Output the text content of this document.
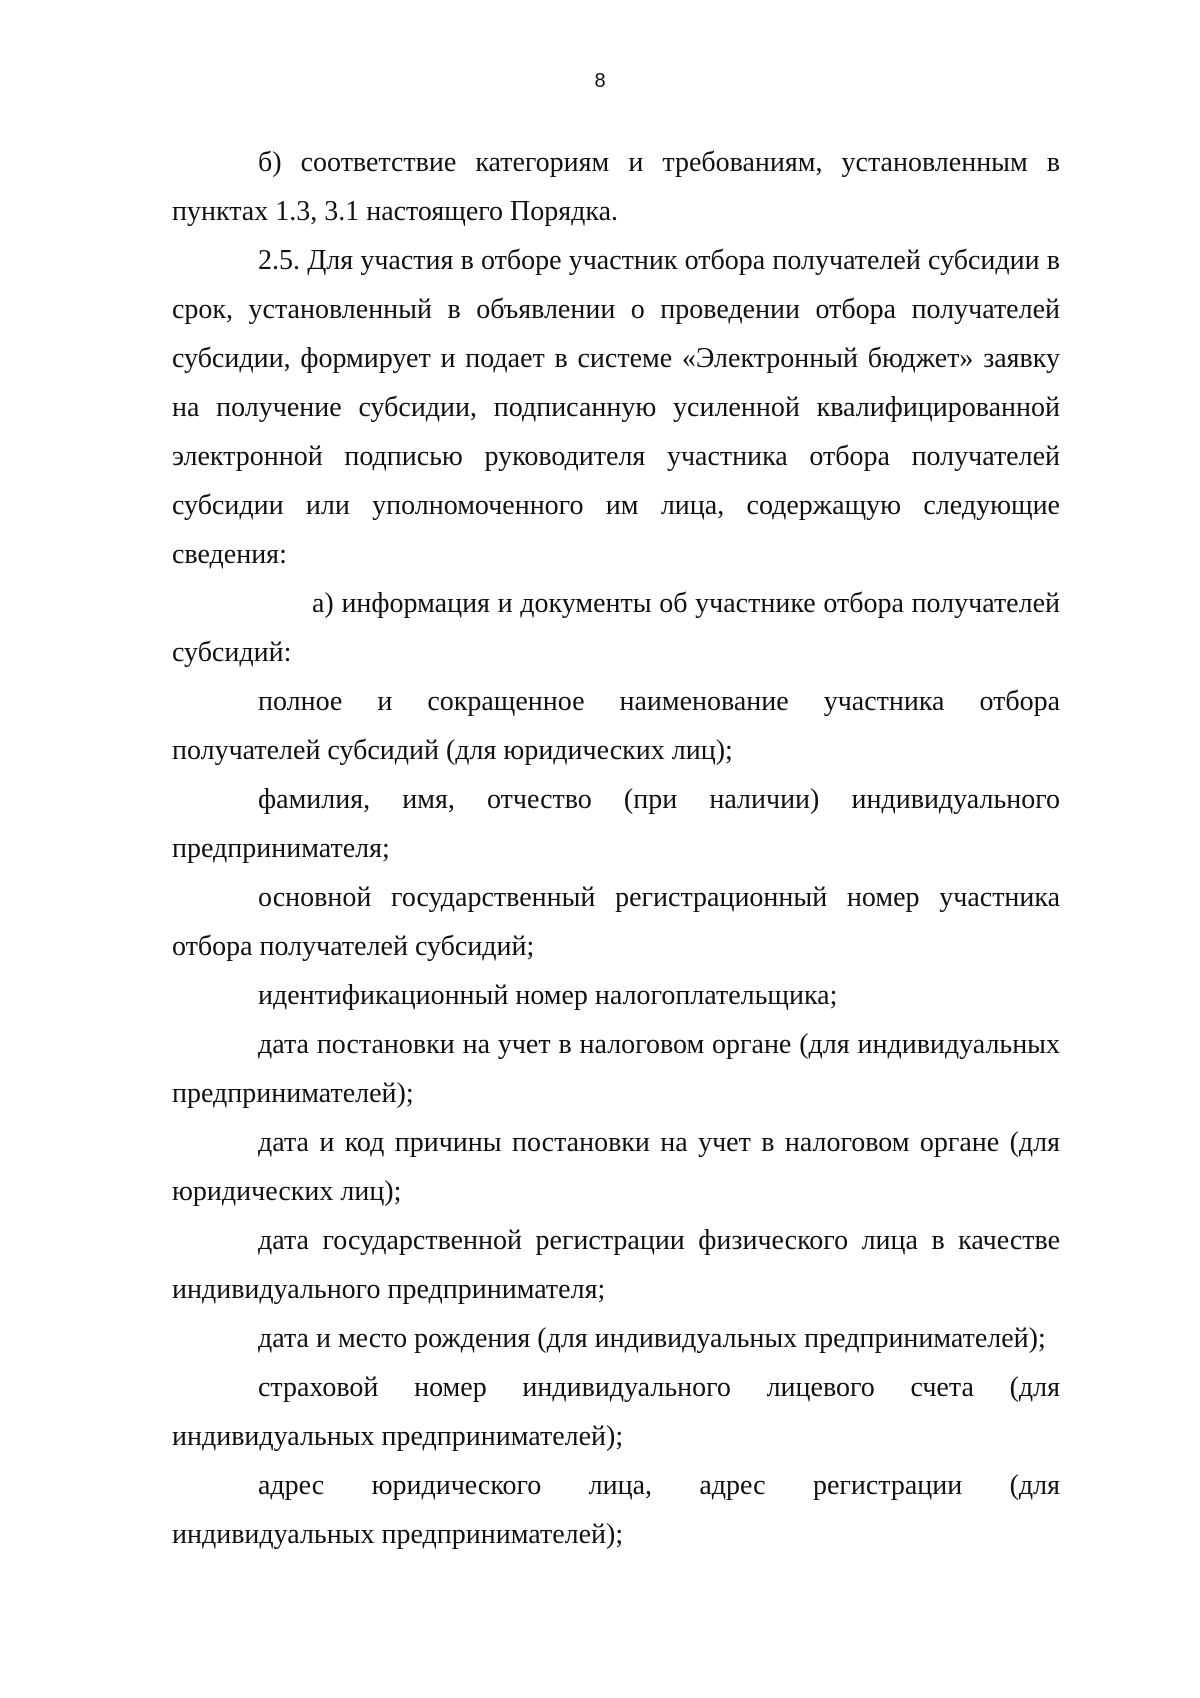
8

б) соответствие категориям и требованиям, установленным в пунктах 1.3, 3.1 настоящего Порядка.

2.5. Для участия в отборе участник отбора получателей субсидии в срок, установленный в объявлении о проведении отбора получателей субсидии, формирует и подает в системе «Электронный бюджет» заявку на получение субсидии, подписанную усиленной квалифицированной электронной подписью руководителя участника отбора получателей субсидии или уполномоченного им лица, содержащую следующие сведения:

а) информация и документы об участнике отбора получателей субсидий:

полное и сокращенное наименование участника отбора получателей субсидий (для юридических лиц);

фамилия, имя, отчество (при наличии) индивидуального предпринимателя;

основной государственный регистрационный номер участника отбора получателей субсидий;

идентификационный номер налогоплательщика;

дата постановки на учет в налоговом органе (для индивидуальных предпринимателей);

дата и код причины постановки на учет в налоговом органе (для юридических лиц);

дата государственной регистрации физического лица в качестве индивидуального предпринимателя;

дата и место рождения (для индивидуальных предпринимателей);

страховой номер индивидуального лицевого счета (для индивидуальных предпринимателей);

адрес юридического лица, адрес регистрации (для индивидуальных предпринимателей);
